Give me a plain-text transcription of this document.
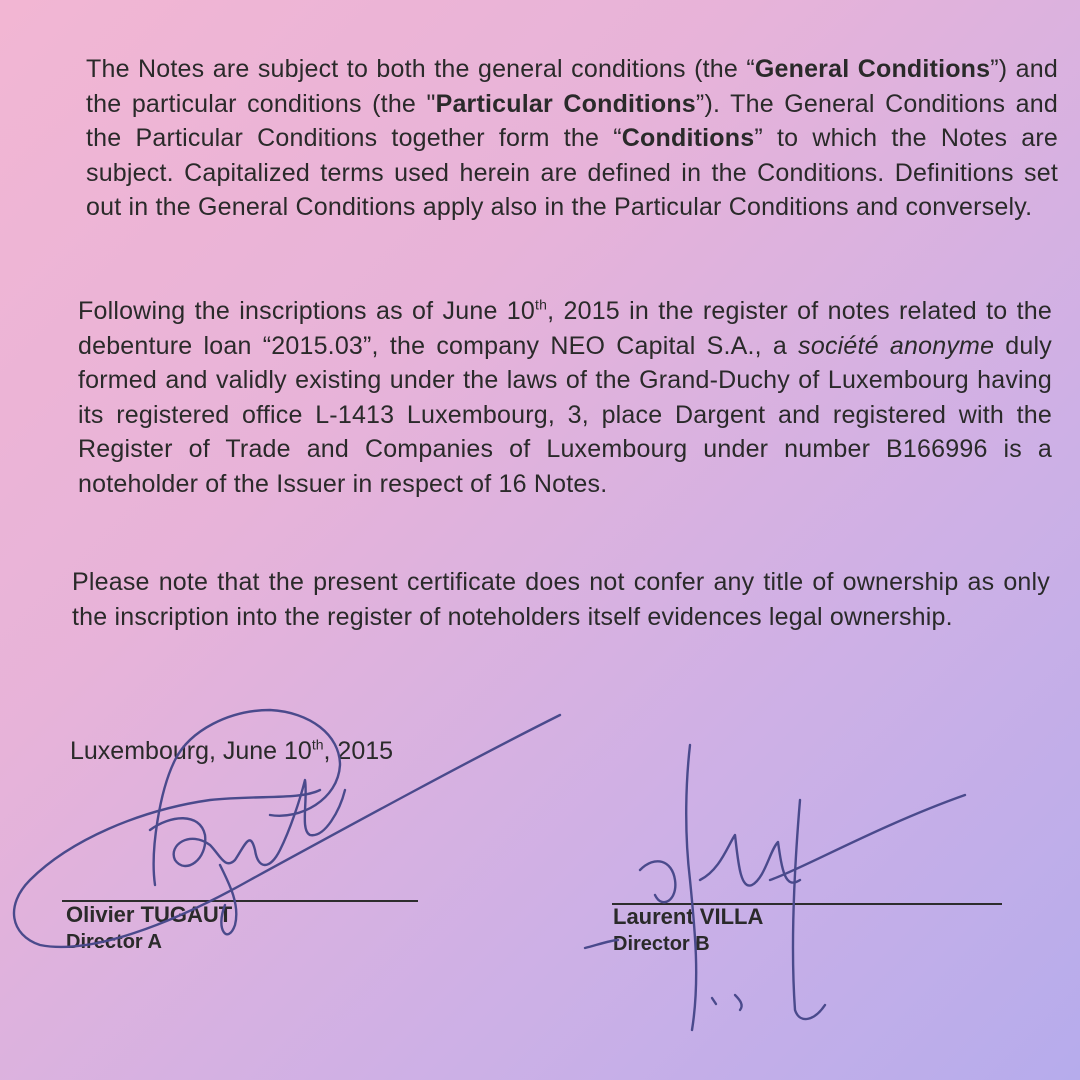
The Notes are subject to both the general conditions (the “General Conditions”) and the particular conditions (the "Particular Conditions”). The General Conditions and the Particular Conditions together form the “Conditions” to which the Notes are subject. Capitalized terms used herein are defined in the Conditions. Definitions set out in the General Conditions apply also in the Particular Conditions and conversely.

Following the inscriptions as of June 10th, 2015 in the register of notes related to the debenture loan “2015.03”, the company NEO Capital S.A., a société anonyme duly formed and validly existing under the laws of the Grand-Duchy of Luxembourg having its registered office L-1413 Luxembourg, 3, place Dargent and registered with the Register of Trade and Companies of Luxembourg under number B166996 is a noteholder of the Issuer in respect of 16 Notes.

Please note that the present certificate does not confer any title of ownership as only the inscription into the register of noteholders itself evidences legal ownership.

Luxembourg, June 10th, 2015
Olivier TUGAUT
Director A
Laurent VILLA
Director B
